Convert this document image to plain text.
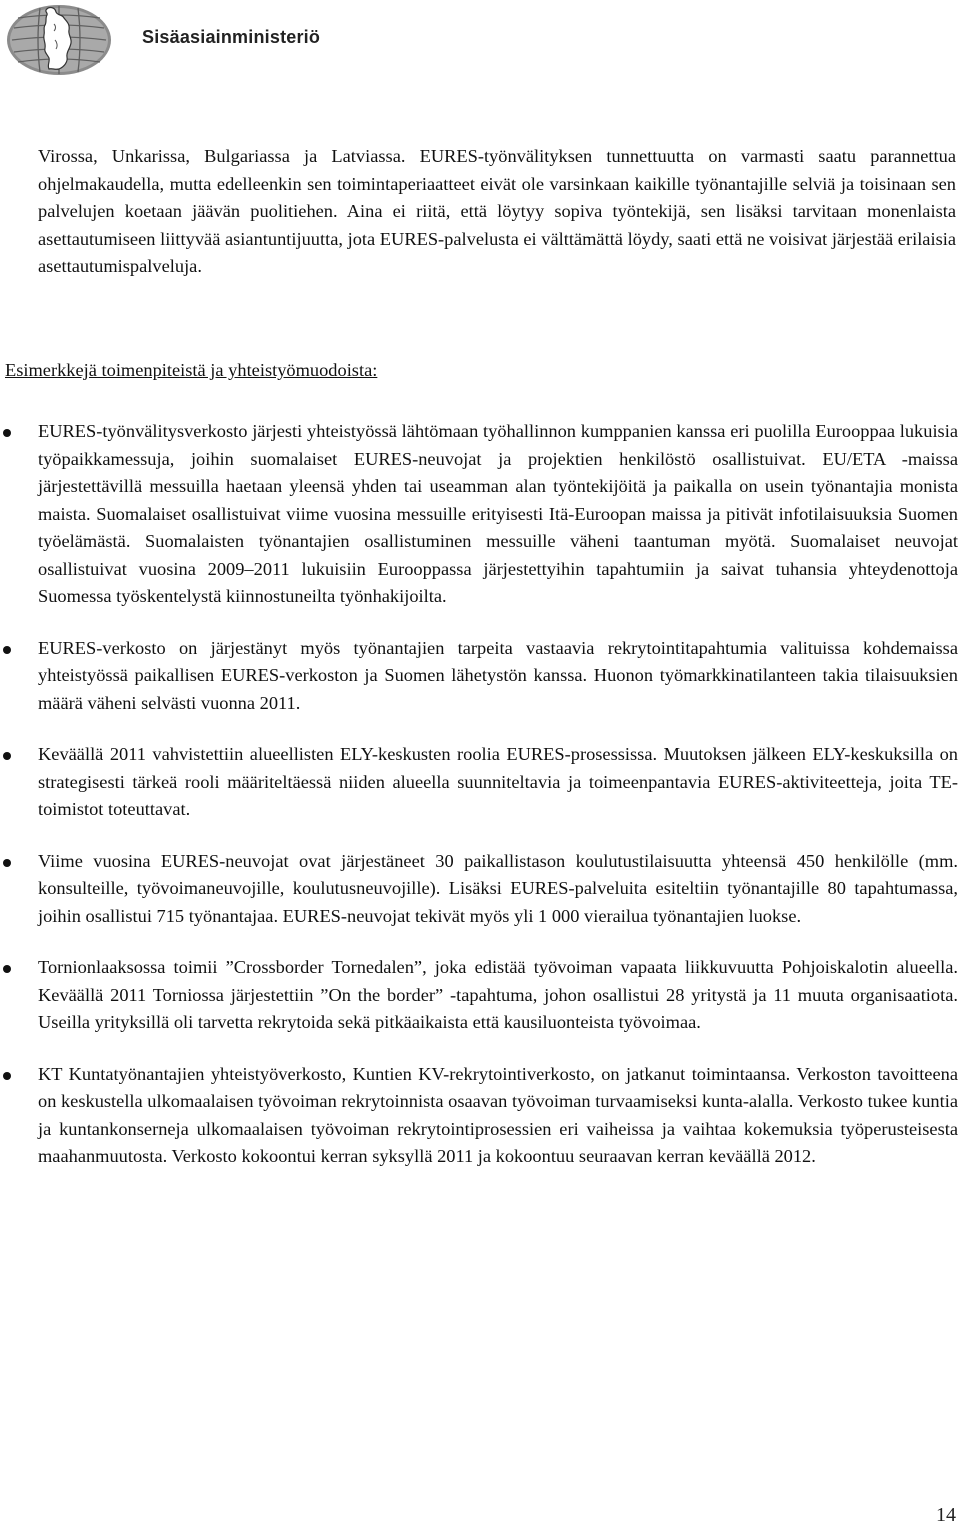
Sisäasiainministeriö

Virossa, Unkarissa, Bulgariassa ja Latviassa. EURES-työnvälityksen tunnettuutta on varmasti saatu parannettua ohjelmakaudella, mutta edelleenkin sen toimintaperiaatteet eivät ole varsinkaan kaikille työnantajille selviä ja toisinaan sen palvelujen koetaan jäävän puolitiehen. Aina ei riitä, että löytyy sopiva työntekijä, sen lisäksi tarvitaan monenlaista asettautumiseen liittyvää asiantuntijuutta, jota EURES-palvelusta ei välttämättä löydy, saati että ne voisivat järjestää erilaisia asettautumispalveluja.

Esimerkkejä toimenpiteistä ja yhteistyömuodoista:
EURES-työnvälitysverkosto järjesti yhteistyössä lähtömaan työhallinnon kumppanien kanssa eri puolilla Eurooppaa lukuisia työpaikkamessuja, joihin suomalaiset EURES-neuvojat ja projektien henkilöstö osallistuivat. EU/ETA -maissa järjestettävillä messuilla haetaan yleensä yhden tai useamman alan työntekijöitä ja paikalla on usein työnantajia monista maista. Suomalaiset osallistuivat viime vuosina messuille erityisesti Itä-Euroopan maissa ja pitivät infotilaisuuksia Suomen työelämästä. Suomalaisten työnantajien osallistuminen messuille väheni taantuman myötä. Suomalaiset neuvojat osallistuivat vuosina 2009–2011 lukuisiin Eurooppassa järjestettyihin tapahtumiin ja saivat tuhansia yhteydenottoja Suomessa työskentelystä kiinnostuneilta työnhakijoilta.
EURES-verkosto on järjestänyt myös työnantajien tarpeita vastaavia rekrytointitapahtumia valituissa kohdemaissa yhteistyössä paikallisen EURES-verkoston ja Suomen lähetystön kanssa. Huonon työmarkkinatilanteen takia tilaisuuksien määrä väheni selvästi vuonna 2011.
Keväällä 2011 vahvistettiin alueellisten ELY-keskusten roolia EURES-prosessissa. Muutoksen jälkeen ELY-keskuksilla on strategisesti tärkeä rooli määriteltäessä niiden alueella suunniteltavia ja toimeenpantavia EURES-aktiviteetteja, joita TE-toimistot toteuttavat.
Viime vuosina EURES-neuvojat ovat järjestäneet 30 paikallistason koulutustilaisuutta yhteensä 450 henkilölle (mm. konsulteille, työvoimaneuvojille, koulutusneuvojille). Lisäksi EURES-palveluita esiteltiin työnantajille 80 tapahtumassa, joihin osallistui 715 työnantajaa. EURES-neuvojat tekivät myös yli 1 000 vierailua työnantajien luokse.
Tornionlaaksossa toimii ”Crossborder Tornedalen”, joka edistää työvoiman vapaata liikkuvuutta Pohjoiskalotin alueella. Keväällä 2011 Torniossa järjestettiin ”On the border” -tapahtuma, johon osallistui 28 yritystä ja 11 muuta organisaatiota. Useilla yrityksillä oli tarvetta rekrytoida sekä pitkäaikaista että kausiluonteista työvoimaa.
KT Kuntatyönantajien yhteistyöverkosto, Kuntien KV-rekrytointiverkosto, on jatkanut toimintaansa. Verkoston tavoitteena on keskustella ulkomaalaisen työvoiman rekrytoinnista osaavan työvoiman turvaamiseksi kunta-alalla. Verkosto tukee kuntia ja kuntankonserneja ulkomaalaisen työvoiman rekrytointiprosessien eri vaiheissa ja vaihtaa kokemuksia työperusteisesta maahanmuutosta. Verkosto kokoontui kerran syksyllä 2011 ja kokoontuu seuraavan kerran keväällä 2012.
14
